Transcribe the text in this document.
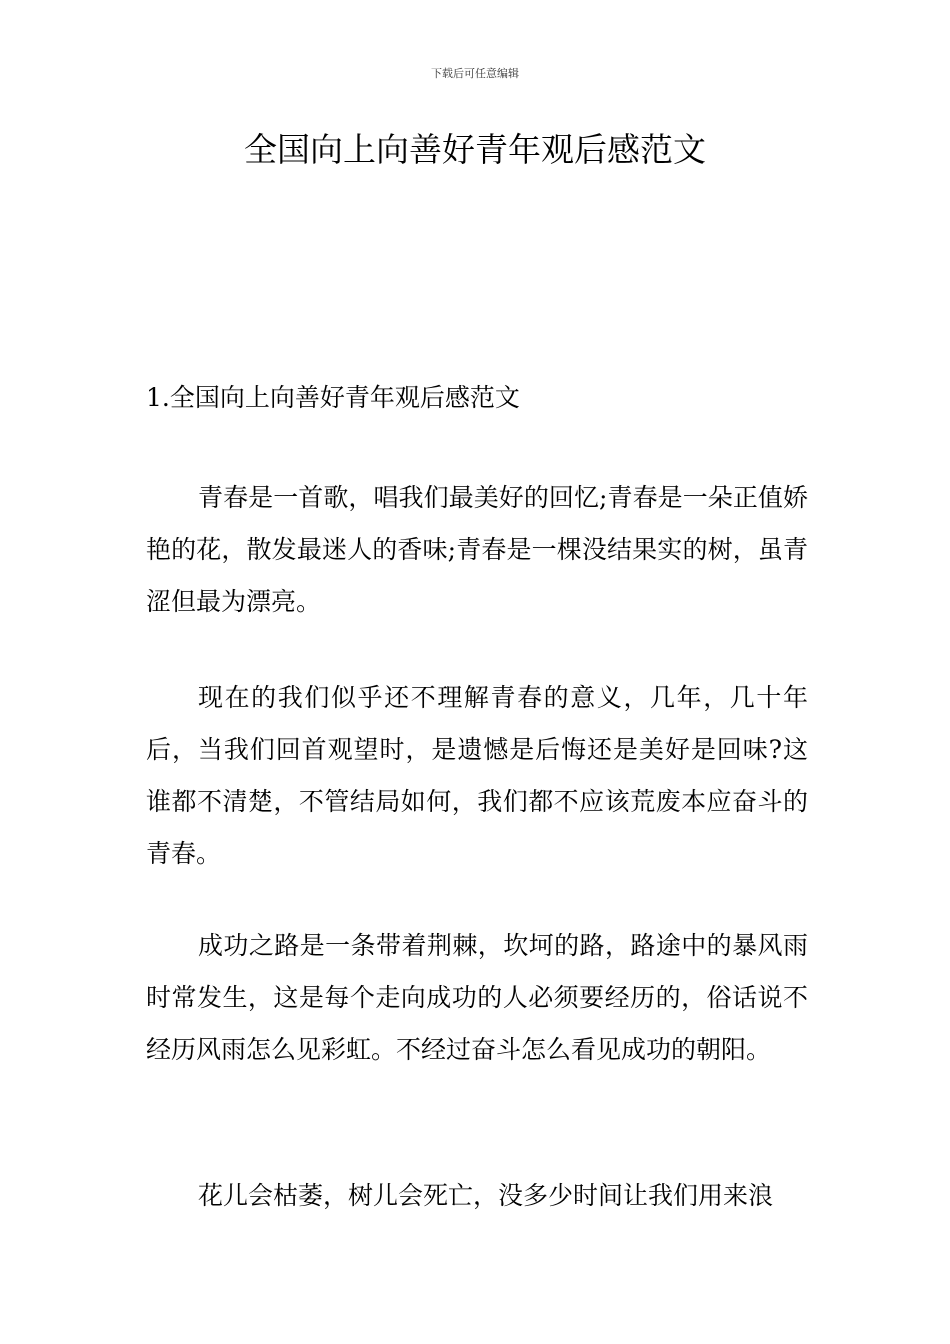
下载后可任意编辑
全国向上向善好青年观后感范文

1.全国向上向善好青年观后感范文

青春是一首歌，唱我们最美好的回忆;青春是一朵正值娇艳的花，散发最迷人的香味;青春是一棵没结果实的树，虽青涩但最为漂亮。

现在的我们似乎还不理解青春的意义，几年，几十年后，当我们回首观望时，是遗憾是后悔还是美好是回味?这谁都不清楚，不管结局如何，我们都不应该荒废本应奋斗的青春。

成功之路是一条带着荆棘，坎坷的路，路途中的暴风雨时常发生，这是每个走向成功的人必须要经历的，俗话说不经历风雨怎么见彩虹。不经过奋斗怎么看见成功的朝阳。

花儿会枯萎，树儿会死亡，没多少时间让我们用来浪
